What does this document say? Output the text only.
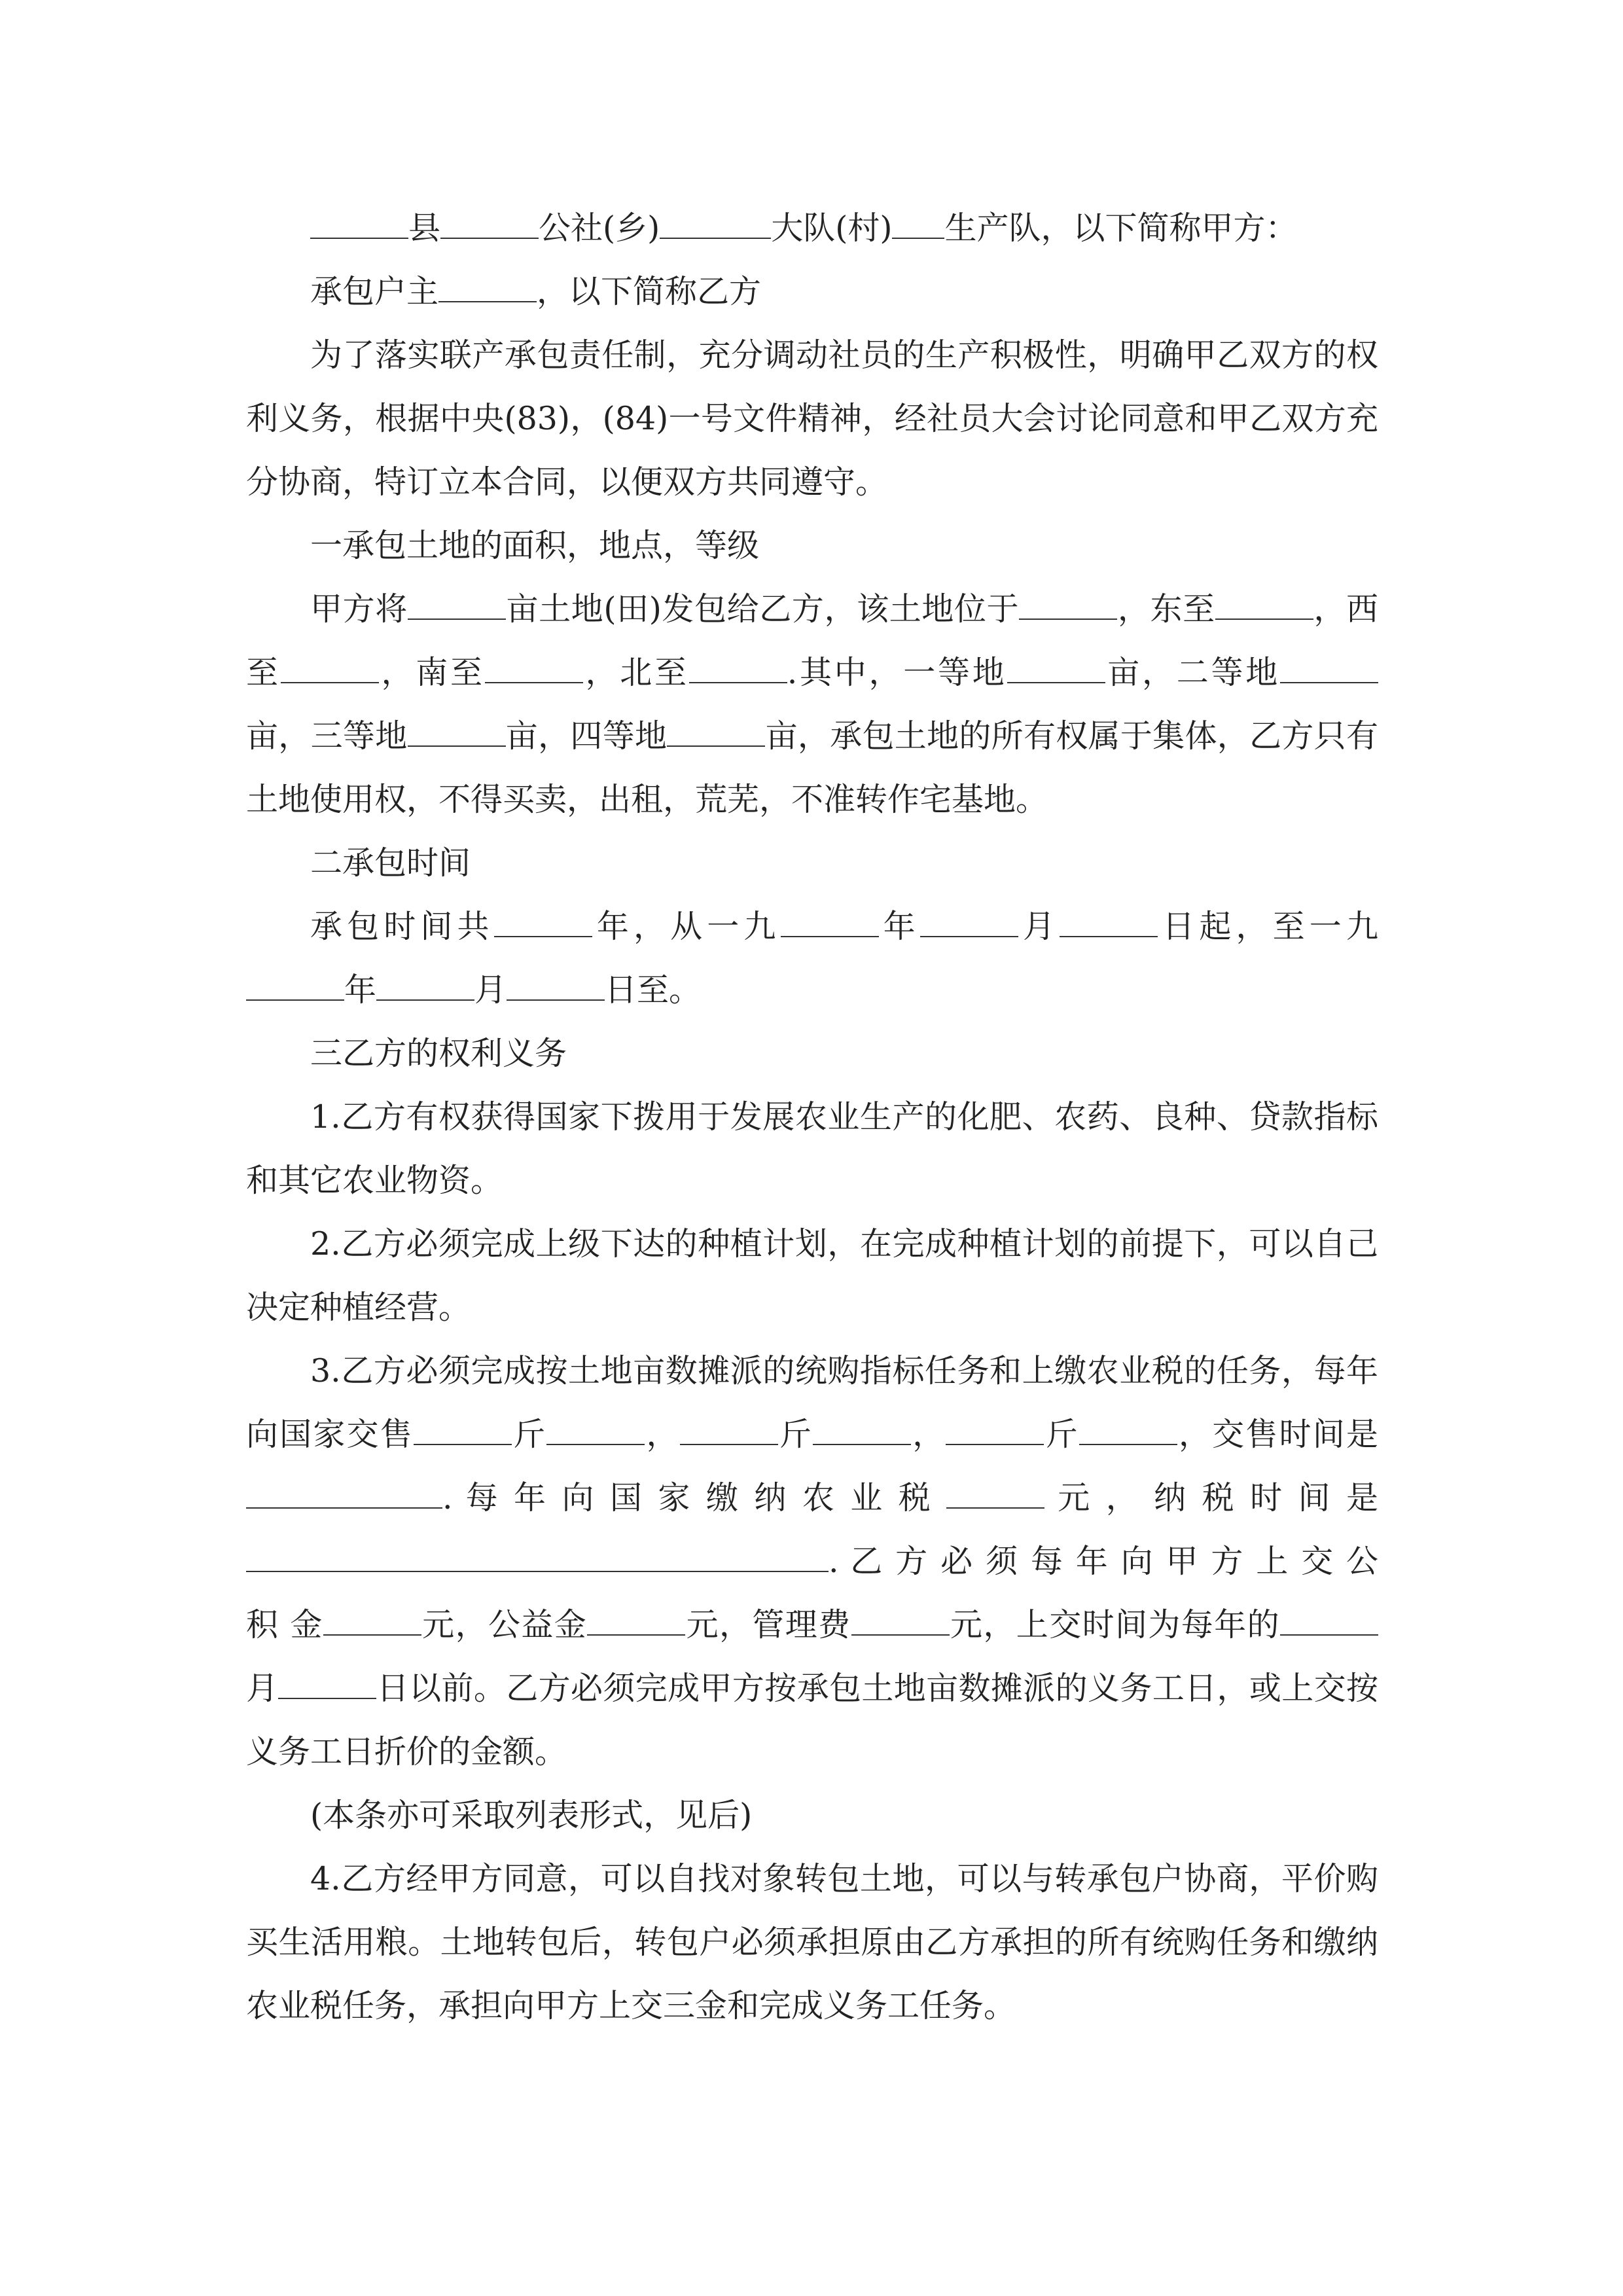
县	公社(乡)	大队(村) 生产队，以下简称甲方：

承包户主	，以下简称乙方

为了落实联产承包责任制，充分调动社员的生产积极性，明确甲乙双方的权利义务，根据中央(83)，(84)一号文件精神，经社员大会讨论同意和甲乙双方充分协商，特订立本合同，以便双方共同遵守。

一承包土地的面积，地点，等级

甲方将	亩土地(田)发包给乙方，该土地位于	，东至	，西至	，南至	，北至	.其中，一等地	亩，二等地亩，三等地	亩，四等地	亩，承包土地的所有权属于集体，乙方只有土地使用权，不得买卖，出租，荒芜，不准转作宅基地。

二承包时间

承包时间共	年，从一九	年	月	日起，至一九年	月	日至。

三乙方的权利义务

1.乙方有权获得国家下拨用于发展农业生产的化肥、农药、良种、贷款指标和其它农业物资。

2.乙方必须完成上级下达的种植计划，在完成种植计划的前提下，可以自己决定种植经营。

3.乙方必须完成按土地亩数摊派的统购指标任务和上缴农业税的任务，每年向国家交售	斤	，	斤	，	斤	，交售时间是. 每 年 向 国 家 缴 纳 农 业 税	元 ， 纳 税 时 间 是. 乙 方 必 须 每 年 向 甲 方 上 交 公 积 金	元，公益金	元，管理费	元，上交时间为每年的月	日以前。乙方必须完成甲方按承包土地亩数摊派的义务工日，或上交按义务工日折价的金额。

(本条亦可采取列表形式，见后)

4.乙方经甲方同意，可以自找对象转包土地，可以与转承包户协商，平价购买生活用粮。土地转包后，转包户必须承担原由乙方承担的所有统购任务和缴纳农业税任务，承担向甲方上交三金和完成义务工任务。
